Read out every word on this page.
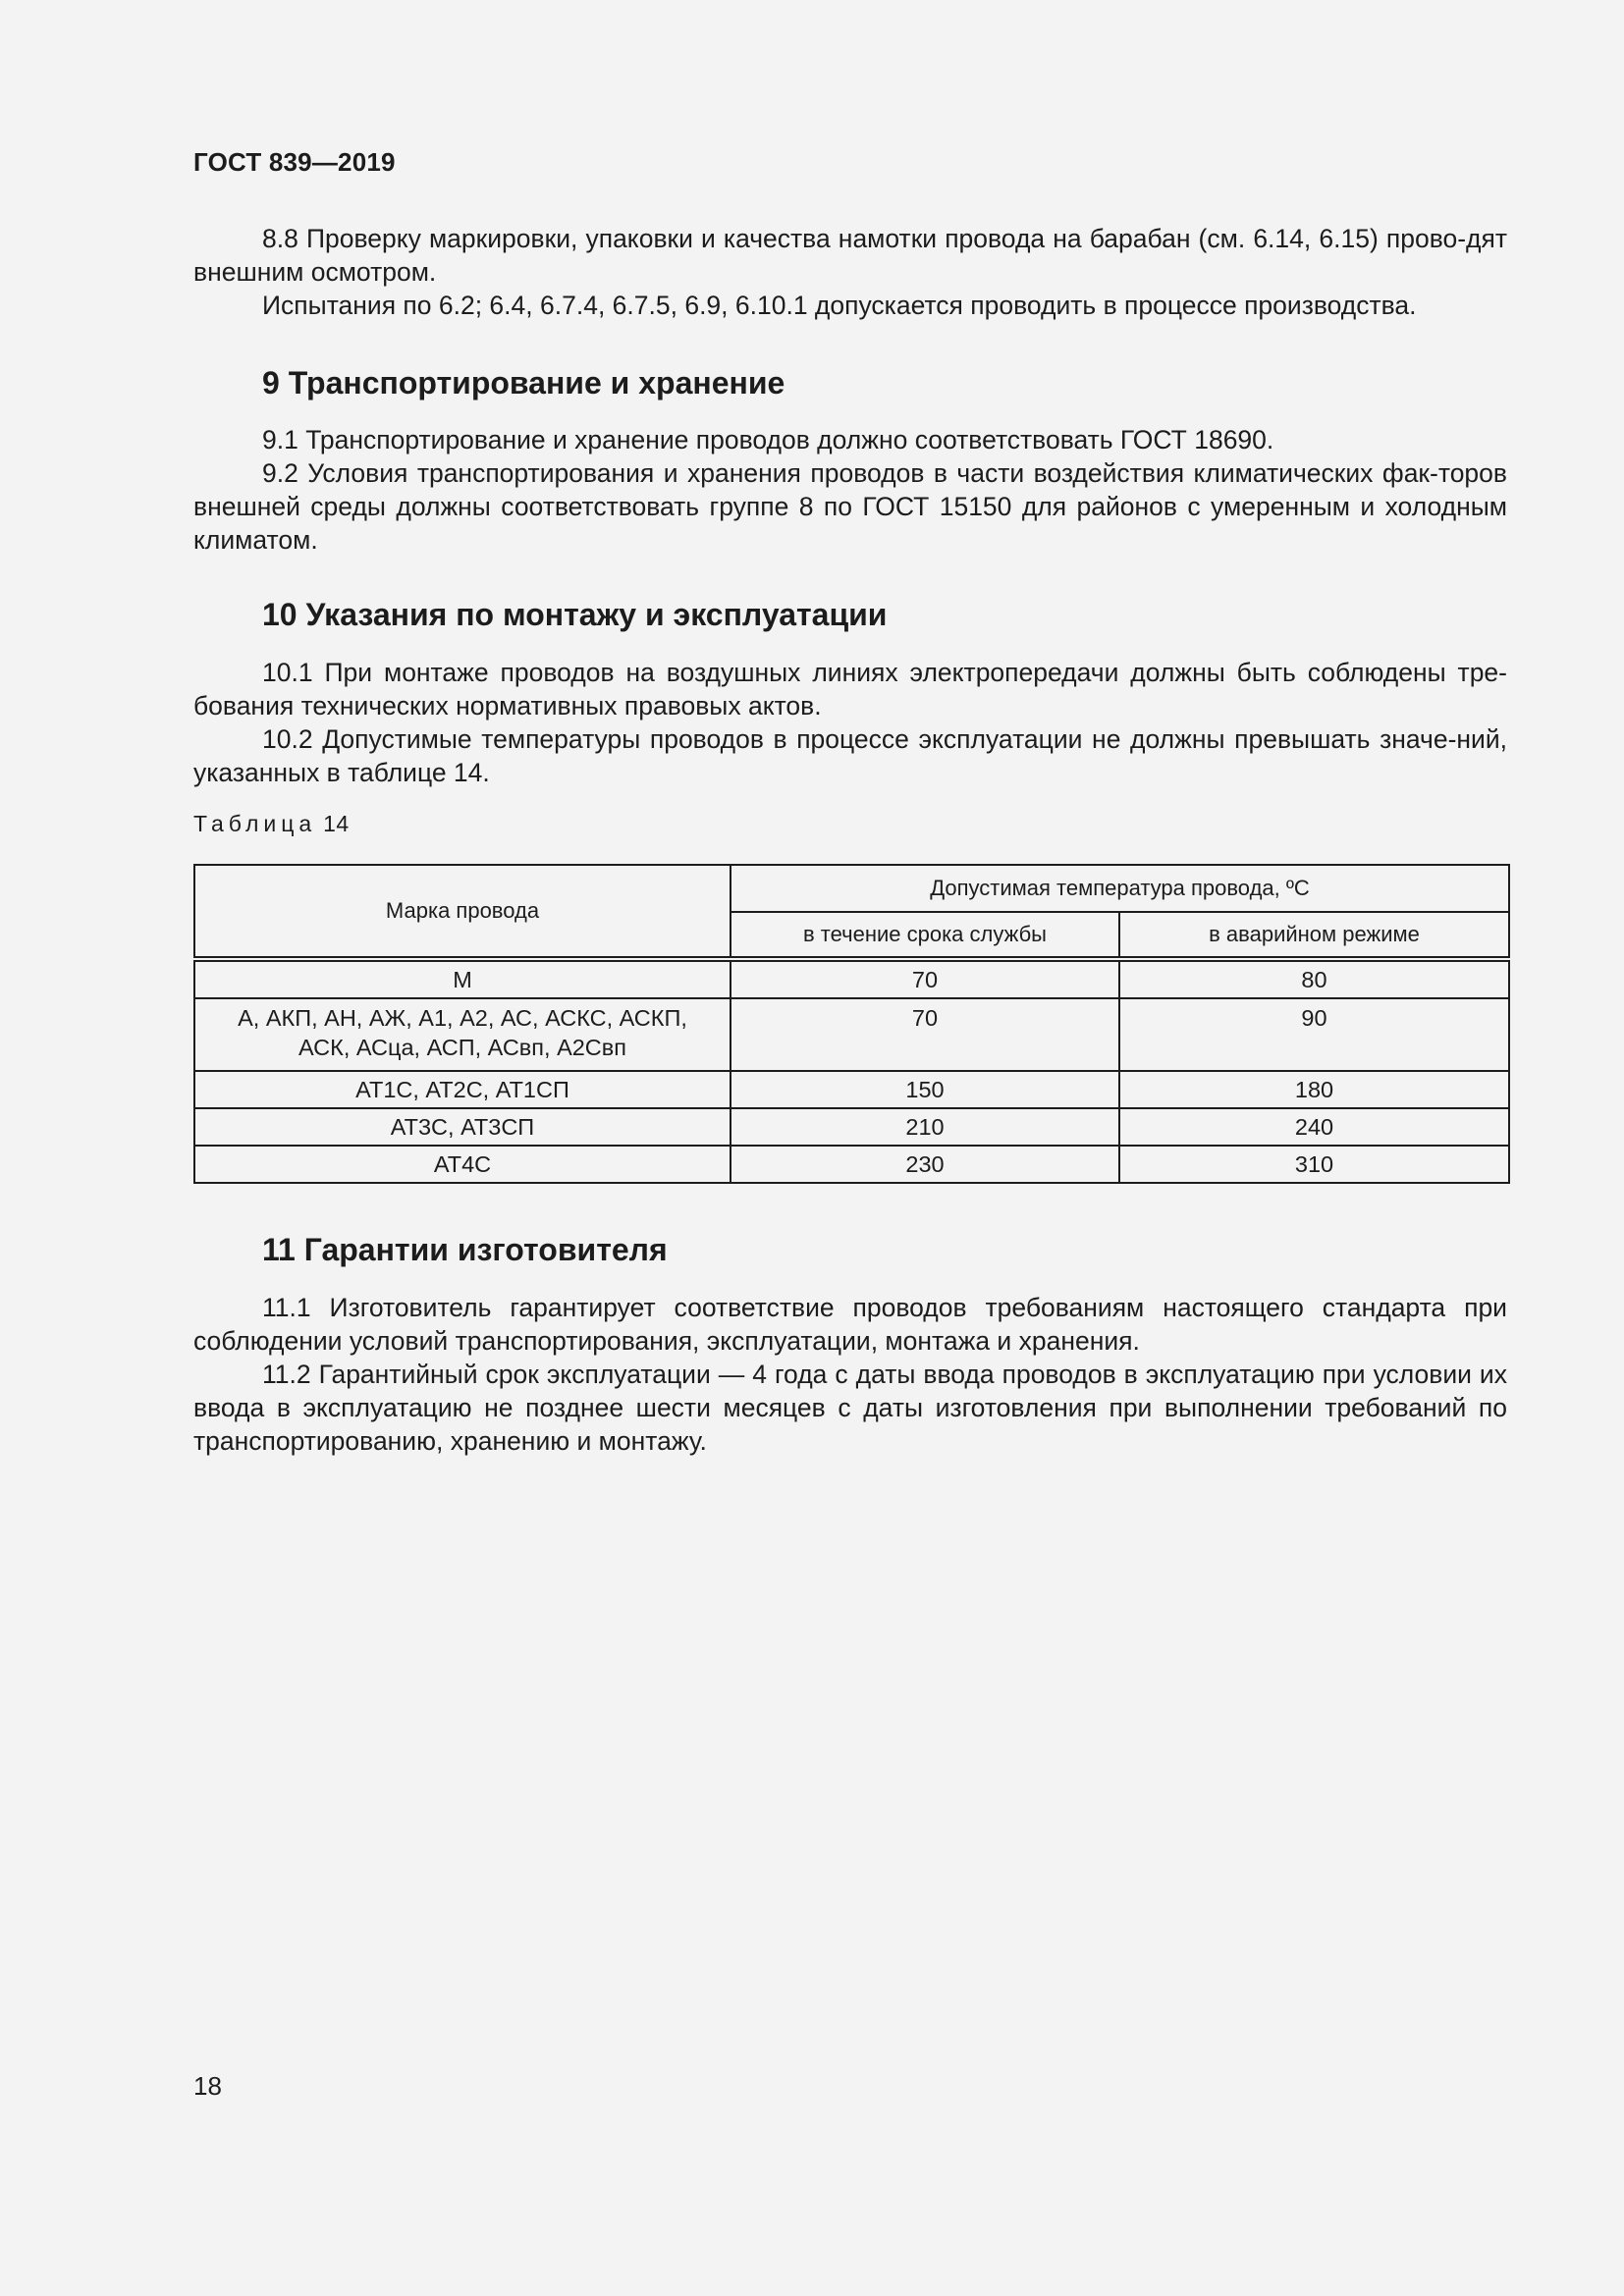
ГОСТ 839—2019

8.8 Проверку маркировки, упаковки и качества намотки провода на барабан (см. 6.14, 6.15) прово-дят внешним осмотром.

Испытания по 6.2; 6.4, 6.7.4, 6.7.5, 6.9, 6.10.1 допускается проводить в процессе производства.

9 Транспортирование и хранение

9.1 Транспортирование и хранение проводов должно соответствовать ГОСТ 18690.

9.2 Условия транспортирования и хранения проводов в части воздействия климатических фак-торов внешней среды должны соответствовать группе 8 по ГОСТ 15150 для районов с умеренным и холодным климатом.

10 Указания по монтажу и эксплуатации

10.1 При монтаже проводов на воздушных линиях электропередачи должны быть соблюдены тре-бования технических нормативных правовых актов.

10.2 Допустимые температуры проводов в процессе эксплуатации не должны превышать значе-ний, указанных в таблице 14.

Таблица 14
Марка провода	Допустимая температура провода, ºС	
	в течение срока службы	в аварийном режиме
М	70	80

А, АКП, АН, АЖ, А1, А2, АС, АСКС, АСКП,
АСК, АСца, АСП, АСвп, А2Свп	70	90
АТ1С, АТ2С, АТ1СП	150	180
АТ3С, АТ3СП	210	240
АТ4С	230	310
11 Гарантии изготовителя

11.1 Изготовитель гарантирует соответствие проводов требованиям настоящего стандарта при соблюдении условий транспортирования, эксплуатации, монтажа и хранения.

11.2 Гарантийный срок эксплуатации — 4 года с даты ввода проводов в эксплуатацию при условии их ввода в эксплуатацию не позднее шести месяцев с даты изготовления при выполнении требований по транспортированию, хранению и монтажу.

18
